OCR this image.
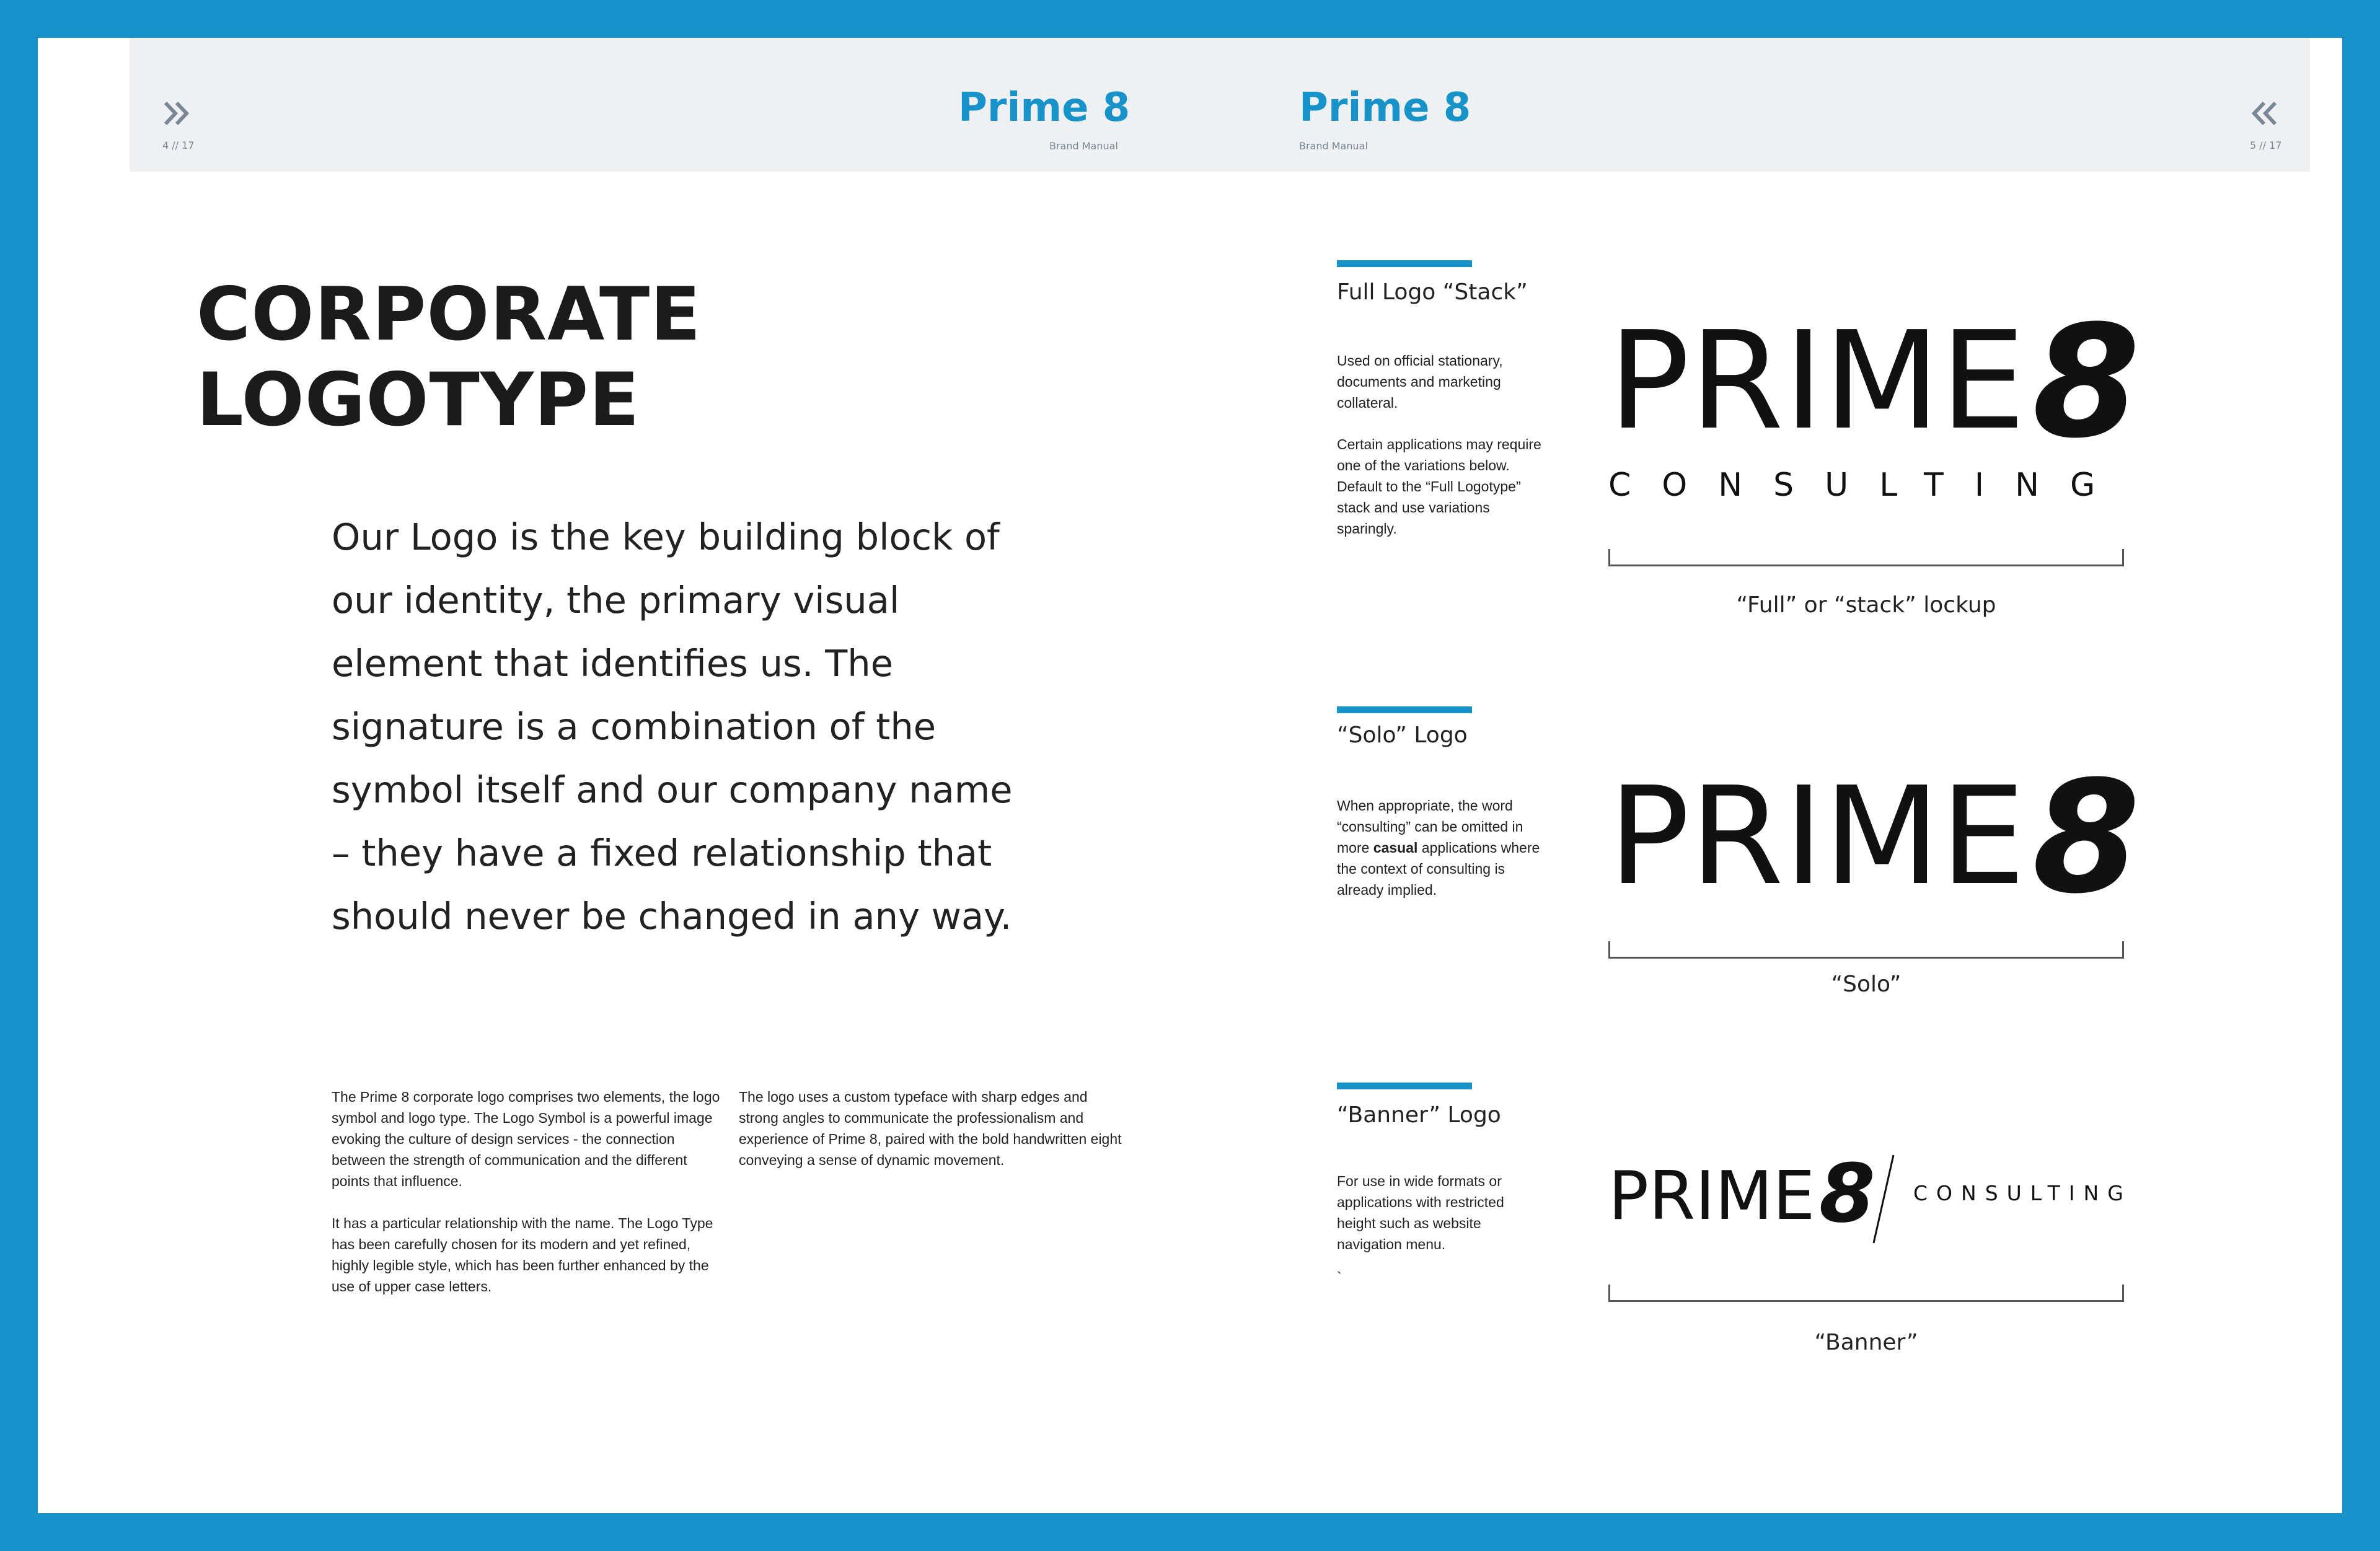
4 // 17
Prime 8
Brand Manual
Prime 8
Brand Manual	5 // 17
CORPORATE
LOGOTYPE
Our Logo is the key building block of our identity, the primary visual element that identifies us. The signature is a combination of the symbol itself and our company name – they have a fixed relationship that should never be changed in any way.

The Prime 8 corporate logo comprises two elements, the logo symbol and logo type. The Logo Symbol is a powerful image evoking the culture of design services - the connection between the strength of communication and the different points that influence.

It has a particular relationship with the name. The Logo Type has been carefully chosen for its modern and yet refined, highly legible style, which has been further enhanced by the use of upper case letters.

The logo uses a custom typeface with sharp edges and strong angles to communicate the professionalism and experience of Prime 8, paired with the bold handwritten eight conveying a sense of dynamic movement.

Full Logo “Stack”

Used on official stationary, documents and marketing collateral.

Certain applications may require one of the variations below. Default to the “Full Logotype” stack and use variations sparingly.

PRIME 8
CONSULTING
“Full” or “stack” lockup
“Solo” Logo
When appropriate, the word “consulting” can be omitted in more casual applications where the context of consulting is already implied.	PRIME 8
“Solo”
“Banner” Logo

For use in wide formats or applications with restricted height such as website navigation menu.

`

PRIME 8 CONSULTING
“Banner”
